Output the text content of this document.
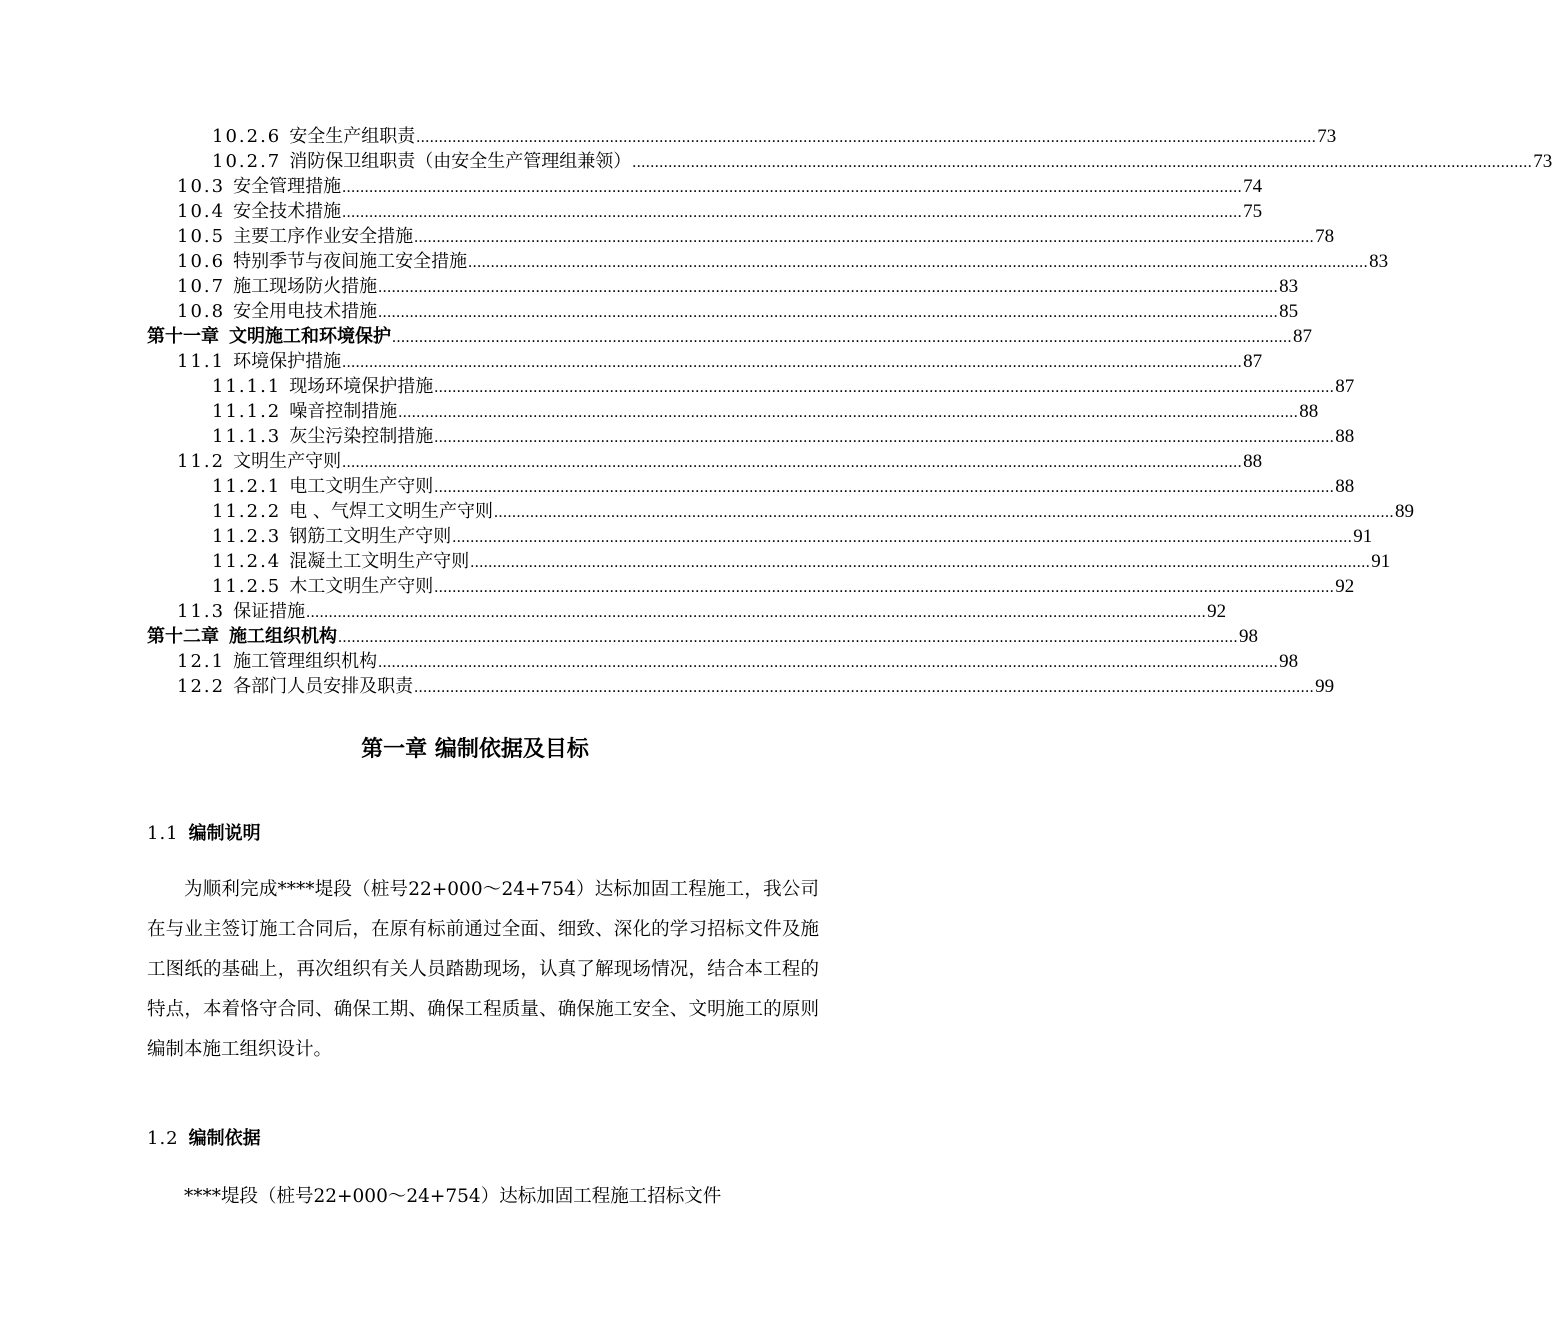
10.2.6 安全生产组职责 ........................................................................................................................................................................................................ 73
10.2.7 消防保卫组职责（由安全生产管理组兼领） ........................................................................................................................................................................................................ 73
10.3 安全管理措施 ........................................................................................................................................................................................................ 74
10.4 安全技术措施 ........................................................................................................................................................................................................ 75
10.5 主要工序作业安全措施 ........................................................................................................................................................................................................ 78
10.6 特别季节与夜间施工安全措施 ........................................................................................................................................................................................................ 83
10.7 施工现场防火措施 ........................................................................................................................................................................................................ 83
10.8 安全用电技术措施 ........................................................................................................................................................................................................ 85
第十一章 文明施工和环境保护 ........................................................................................................................................................................................................ 87
11.1 环境保护措施 ........................................................................................................................................................................................................ 87
11.1.1 现场环境保护措施 ........................................................................................................................................................................................................ 87
11.1.2 噪音控制措施 ........................................................................................................................................................................................................ 88
11.1.3 灰尘污染控制措施 ........................................................................................................................................................................................................ 88
11.2 文明生产守则 ........................................................................................................................................................................................................ 88
11.2.1 电工文明生产守则 ........................................................................................................................................................................................................ 88
11.2.2 电 、气焊工文明生产守则 ........................................................................................................................................................................................................ 89
11.2.3 钢筋工文明生产守则 ........................................................................................................................................................................................................ 91
11.2.4 混凝土工文明生产守则 ........................................................................................................................................................................................................ 91
11.2.5 木工文明生产守则 ........................................................................................................................................................................................................ 92
11.3 保证措施 ........................................................................................................................................................................................................ 92
第十二章 施工组织机构 ........................................................................................................................................................................................................ 98
12.1 施工管理组织机构 ........................................................................................................................................................................................................ 98
12.2 各部门人员安排及职责 ........................................................................................................................................................................................................ 99
第一章 编制依据及目标
1.1 编制说明
为顺利完成****堤段（桩号22+000～24+754）达标加固工程施工，我公司在与业主签订施工合同后，在原有标前通过全面、细致、深化的学习招标文件及施工图纸的基础上，再次组织有关人员踏勘现场，认真了解现场情况，结合本工程的特点，本着恪守合同、确保工期、确保工程质量、确保施工安全、文明施工的原则编制本施工组织设计。
1.2 编制依据
****堤段（桩号22+000～24+754）达标加固工程施工招标文件
